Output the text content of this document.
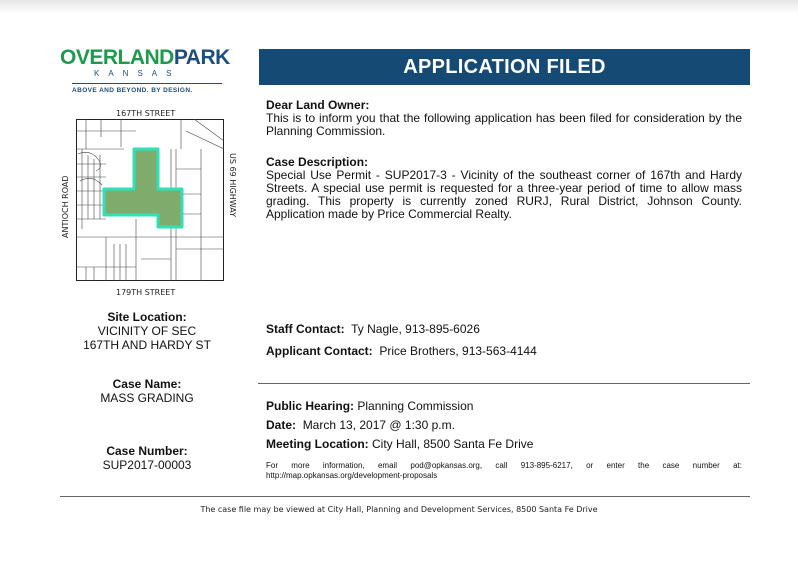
OVERLANDPARK
KANSAS
ABOVE AND BEYOND. BY DESIGN.
APPLICATION FILED
167TH STREET
179TH STREET
ANTIOCH ROAD	US 69 HIGHWAY
Site Location:
VICINITY OF SEC
167TH AND HARDY ST
Case Name:
MASS GRADING
Case Number:
SUP2017-00003
Dear Land Owner:
This is to inform you that the following application has been filed for consideration by the Planning Commission.
Case Description:
Special Use Permit - SUP2017-3 - Vicinity of the southeast corner of 167th and Hardy Streets. A special use permit is requested for a three-year period of time to allow mass grading. This property is currently zoned RURJ, Rural District, Johnson County. Application made by Price Commercial Realty.
Staff Contact: Ty Nagle, 913-895-6026
Applicant Contact: Price Brothers, 913-563-4144
Public Hearing: Planning Commission
Date: March 13, 2017 @ 1:30 p.m.
Meeting Location: City Hall, 8500 Santa Fe Drive
For more information, email pod@opkansas.org, call 913-895-6217, or enter the case number at: http://map.opkansas.org/development-proposals
The case file may be viewed at City Hall, Planning and Development Services, 8500 Santa Fe Drive
